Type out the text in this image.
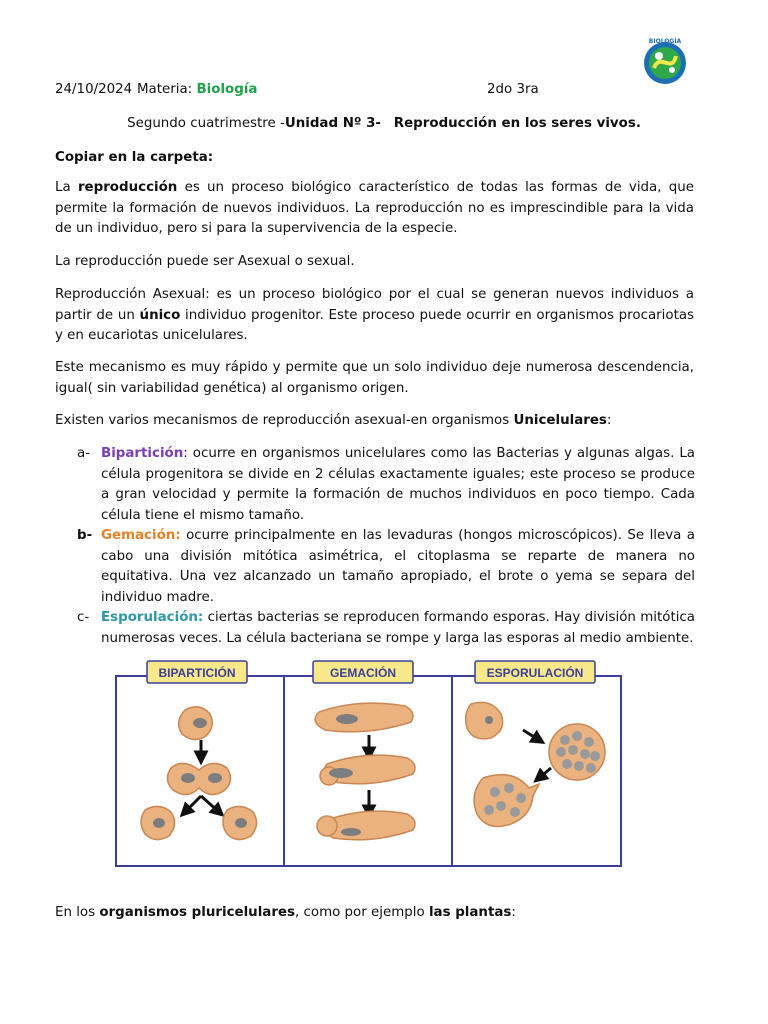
BIOLOGÍA
24/10/2024 Materia: Biología	2do 3ra
Segundo cuatrimestre -Unidad Nº 3- Reproducción en los seres vivos.

Copiar en la carpeta:

La reproducción es un proceso biológico característico de todas las formas de vida, que permite la formación de nuevos individuos. La reproducción no es imprescindible para la vida de un individuo, pero si para la supervivencia de la especie.

La reproducción puede ser Asexual o sexual.

Reproducción Asexual: es un proceso biológico por el cual se generan nuevos individuos a partir de un único individuo progenitor. Este proceso puede ocurrir en organismos procariotas y en eucariotas unicelulares.

Este mecanismo es muy rápido y permite que un solo individuo deje numerosa descendencia, igual( sin variabilidad genética) al organismo origen.

Existen varios mecanismos de reproducción asexual-en organismos Unicelulares:

a- Bipartición: ocurre en organismos unicelulares como las Bacterias y algunas algas. La célula progenitora se divide en 2 células exactamente iguales; este proceso se produce a gran velocidad y permite la formación de muchos individuos en poco tiempo. Cada célula tiene el mismo tamaño.
b- Gemación: ocurre principalmente en las levaduras (hongos microscópicos). Se lleva a cabo una división mitótica asimétrica, el citoplasma se reparte de manera no equitativa. Una vez alcanzado un tamaño apropiado, el brote o yema se separa del individuo madre.
c- Esporulación: ciertas bacterias se reproducen formando esporas. Hay división mitótica numerosas veces. La célula bacteriana se rompe y larga las esporas al medio ambiente.
BIPARTICIÓN	GEMACIÓN	ESPORULACIÓN

En los organismos pluricelulares, como por ejemplo las plantas:
